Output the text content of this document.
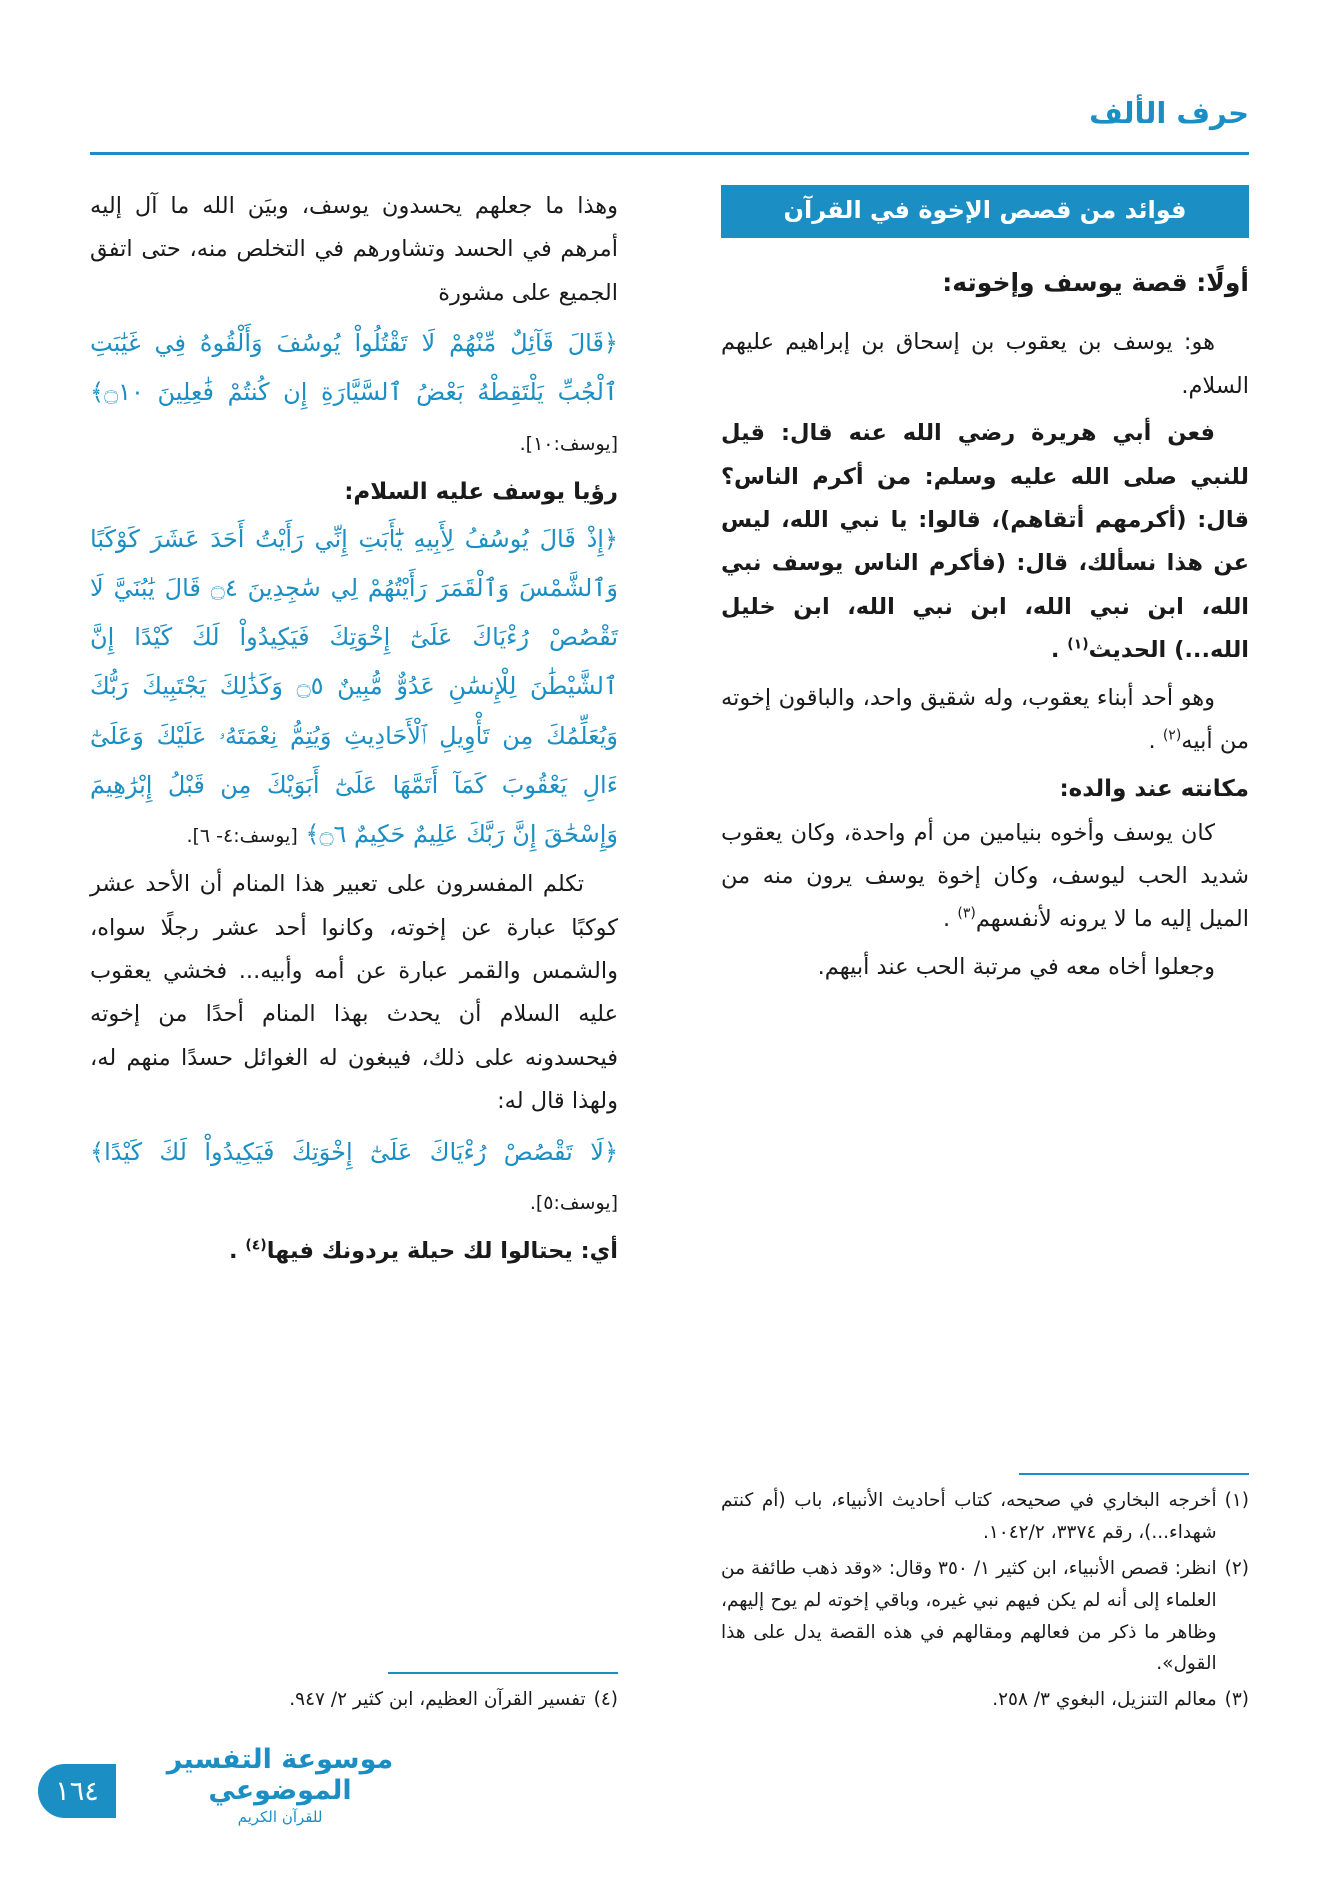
حرف الألف
فوائد من قصص الإخوة في القرآن
أولًا: قصة يوسف وإخوته:

هو: يوسف بن يعقوب بن إسحاق بن إبراهيم عليهم السلام.

فعن أبي هريرة رضي الله عنه قال: قيل للنبي صلى الله عليه وسلم: من أكرم الناس؟ قال: (أكرمهم أتقاهم)، قالوا: يا نبي الله، ليس عن هذا نسألك، قال: (فأكرم الناس يوسف نبي الله، ابن نبي الله، ابن نبي الله، ابن خليل الله...) الحديث$^{(١)}$ .

وهو أحد أبناء يعقوب، وله شقيق واحد، والباقون إخوته من أبيه$^{(٢)}$ .

مكانته عند والده:

كان يوسف وأخوه بنيامين من أم واحدة، وكان يعقوب شديد الحب ليوسف، وكان إخوة يوسف يرون منه من الميل إليه ما لا يرونه لأنفسهم$^{(٣)}$ .

وجعلوا أخاه معه في مرتبة الحب عند أبيهم.

(١)
أخرجه البخاري في صحيحه، كتاب أحاديث الأنبياء، باب (أم كنتم شهداء...)، رقم ٣٣٧٤، ١٠٤٢/٢.
(٢)
انظر: قصص الأنبياء، ابن كثير ١/ ٣٥٠ وقال: «وقد ذهب طائفة من العلماء إلى أنه لم يكن فيهم نبي غيره، وباقي إخوته لم يوح إليهم، وظاهر ما ذكر من فعالهم ومقالهم في هذه القصة يدل على هذا القول».
(٣)
معالم التنزيل، البغوي ٣/ ٢٥٨.

وهذا ما جعلهم يحسدون يوسف، وبيَن الله ما آل إليه أمرهم في الحسد وتشاورهم في التخلص منه، حتى اتفق الجميع على مشورة

﴿قَالَ قَآئِلٌ مِّنْهُمْ لَا تَقْتُلُواْ يُوسُفَ وَأَلْقُوهُ فِي غَيَٰبَتِ ٱلْجُبِّ يَلْتَقِطْهُ بَعْضُ ٱلسَّيَّارَةِ إِن كُنتُمْ فَٰعِلِينَ ۝١٠﴾ [يوسف:١٠].

رؤيا يوسف عليه السلام:

﴿إِذْ قَالَ يُوسُفُ لِأَبِيهِ يَٰٓأَبَتِ إِنِّي رَأَيْتُ أَحَدَ عَشَرَ كَوْكَبًا وَٱلشَّمْسَ وَٱلْقَمَرَ رَأَيْتُهُمْ لِي سَٰجِدِينَ ۝٤ قَالَ يَٰبُنَيَّ لَا تَقْصُصْ رُءْيَاكَ عَلَىٰٓ إِخْوَتِكَ فَيَكِيدُواْ لَكَ كَيْدًا إِنَّ ٱلشَّيْطَٰنَ لِلْإِنسَٰنِ عَدُوٌّ مُّبِينٌ ۝٥ وَكَذَٰلِكَ يَجْتَبِيكَ رَبُّكَ وَيُعَلِّمُكَ مِن تَأْوِيلِ ٱلْأَحَادِيثِ وَيُتِمُّ نِعْمَتَهُۥ عَلَيْكَ وَعَلَىٰٓ ءَالِ يَعْقُوبَ كَمَآ أَتَمَّهَا عَلَىٰٓ أَبَوَيْكَ مِن قَبْلُ إِبْرَٰهِيمَ وَإِسْحَٰقَ إِنَّ رَبَّكَ عَلِيمٌ حَكِيمٌ ۝٦﴾ [يوسف:٤- ٦].

تكلم المفسرون على تعبير هذا المنام أن الأحد عشر كوكبًا عبارة عن إخوته، وكانوا أحد عشر رجلًا سواه، والشمس والقمر عبارة عن أمه وأبيه... فخشي يعقوب عليه السلام أن يحدث بهذا المنام أحدًا من إخوته فيحسدونه على ذلك، فيبغون له الغوائل حسدًا منهم له، ولهذا قال له:

﴿لَا تَقْصُصْ رُءْيَاكَ عَلَىٰٓ إِخْوَتِكَ فَيَكِيدُواْ لَكَ كَيْدًا﴾ [يوسف:٥].

أي: يحتالوا لك حيلة يردونك فيها$^{(٤)}$ .

(٤)
تفسير القرآن العظيم، ابن كثير ٢/ ٩٤٧.
موسوعة التفسير الموضوعي
للقرآن الكريم
١٦٤
